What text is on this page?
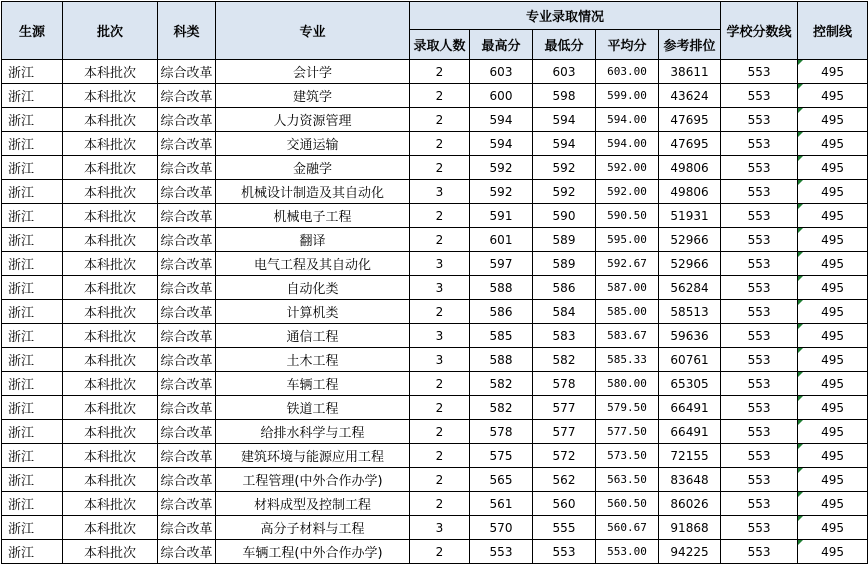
生源	批次	科类	专业	专业录取情况					学校分数线	控制线
				录取人数	最高分	最低分	平均分	参考排位		
浙江	本科批次	综合改革	会计学	2	603	603	603.00	38611	553	495
浙江	本科批次	综合改革	建筑学	2	600	598	599.00	43624	553	495
浙江	本科批次	综合改革	人力资源管理	2	594	594	594.00	47695	553	495
浙江	本科批次	综合改革	交通运输	2	594	594	594.00	47695	553	495
浙江	本科批次	综合改革	金融学	2	592	592	592.00	49806	553	495
浙江	本科批次	综合改革	机械设计制造及其自动化	3	592	592	592.00	49806	553	495
浙江	本科批次	综合改革	机械电子工程	2	591	590	590.50	51931	553	495
浙江	本科批次	综合改革	翻译	2	601	589	595.00	52966	553	495
浙江	本科批次	综合改革	电气工程及其自动化	3	597	589	592.67	52966	553	495
浙江	本科批次	综合改革	自动化类	3	588	586	587.00	56284	553	495
浙江	本科批次	综合改革	计算机类	2	586	584	585.00	58513	553	495
浙江	本科批次	综合改革	通信工程	3	585	583	583.67	59636	553	495
浙江	本科批次	综合改革	土木工程	3	588	582	585.33	60761	553	495
浙江	本科批次	综合改革	车辆工程	2	582	578	580.00	65305	553	495
浙江	本科批次	综合改革	铁道工程	2	582	577	579.50	66491	553	495
浙江	本科批次	综合改革	给排水科学与工程	2	578	577	577.50	66491	553	495
浙江	本科批次	综合改革	建筑环境与能源应用工程	2	575	572	573.50	72155	553	495
浙江	本科批次	综合改革	工程管理(中外合作办学)	2	565	562	563.50	83648	553	495
浙江	本科批次	综合改革	材料成型及控制工程	2	561	560	560.50	86026	553	495
浙江	本科批次	综合改革	高分子材料与工程	3	570	555	560.67	91868	553	495
浙江	本科批次	综合改革	车辆工程(中外合作办学)	2	553	553	553.00	94225	553	495
